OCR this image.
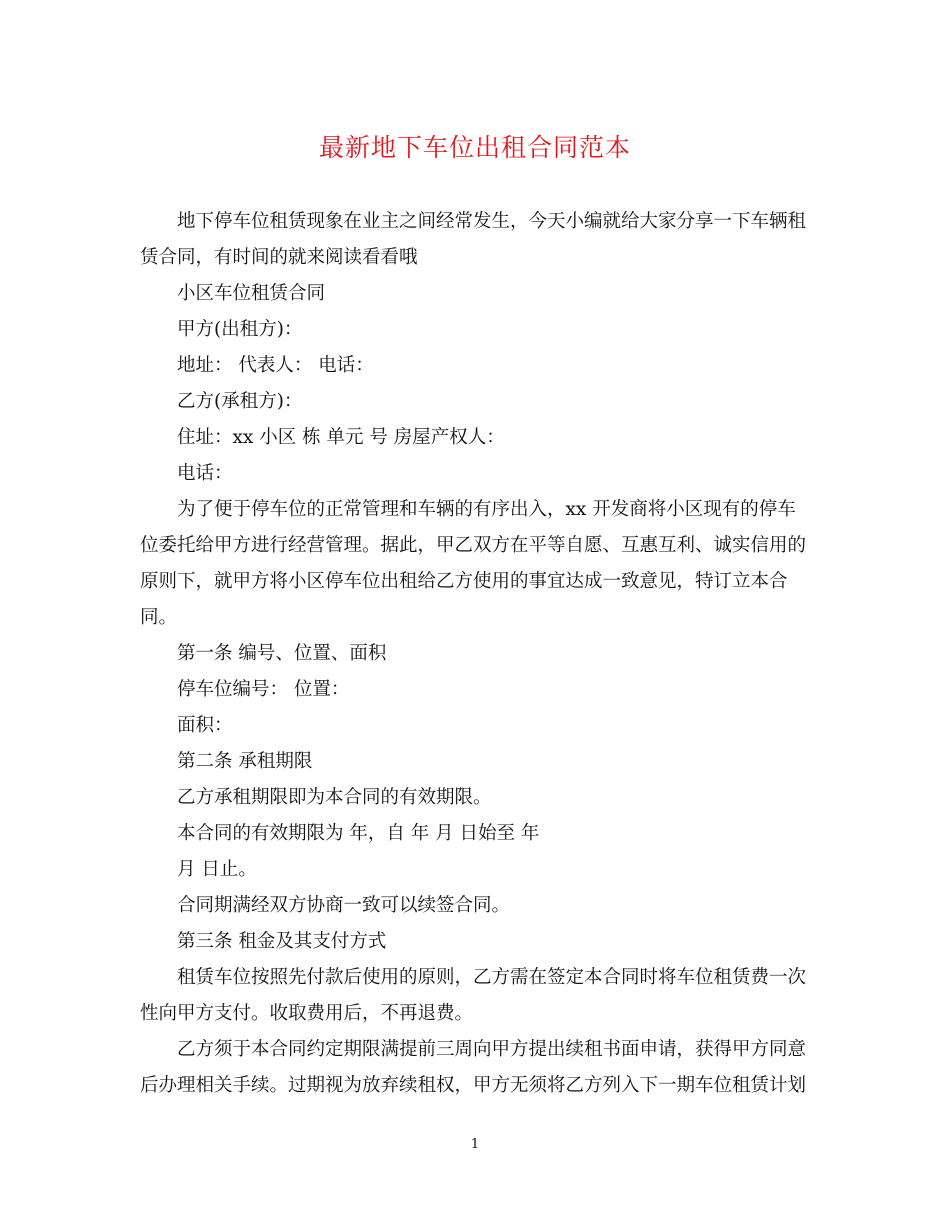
最新地下车位出租合同范本

地下停车位租赁现象在业主之间经常发生，今天小编就给大家分享一下车辆租赁合同，有时间的就来阅读看看哦

小区车位租赁合同

甲方(出租方)：

地址： 代表人： 电话：

乙方(承租方)：

住址：xx 小区 栋 单元 号 房屋产权人：

电话：

为了便于停车位的正常管理和车辆的有序出入，xx 开发商将小区现有的停车位委托给甲方进行经营管理。据此，甲乙双方在平等自愿、互惠互利、诚实信用的原则下，就甲方将小区停车位出租给乙方使用的事宜达成一致意见，特订立本合同。

第一条 编号、位置、面积

停车位编号： 位置：

面积：

第二条 承租期限

乙方承租期限即为本合同的有效期限。

本合同的有效期限为 年，自 年 月 日始至 年

月 日止。

合同期满经双方协商一致可以续签合同。

第三条 租金及其支付方式

租赁车位按照先付款后使用的原则，乙方需在签定本合同时将车位租赁费一次性向甲方支付。收取费用后，不再退费。

乙方须于本合同约定期限满提前三周向甲方提出续租书面申请，获得甲方同意后办理相关手续。过期视为放弃续租权，甲方无须将乙方列入下一期车位租赁计划

1
